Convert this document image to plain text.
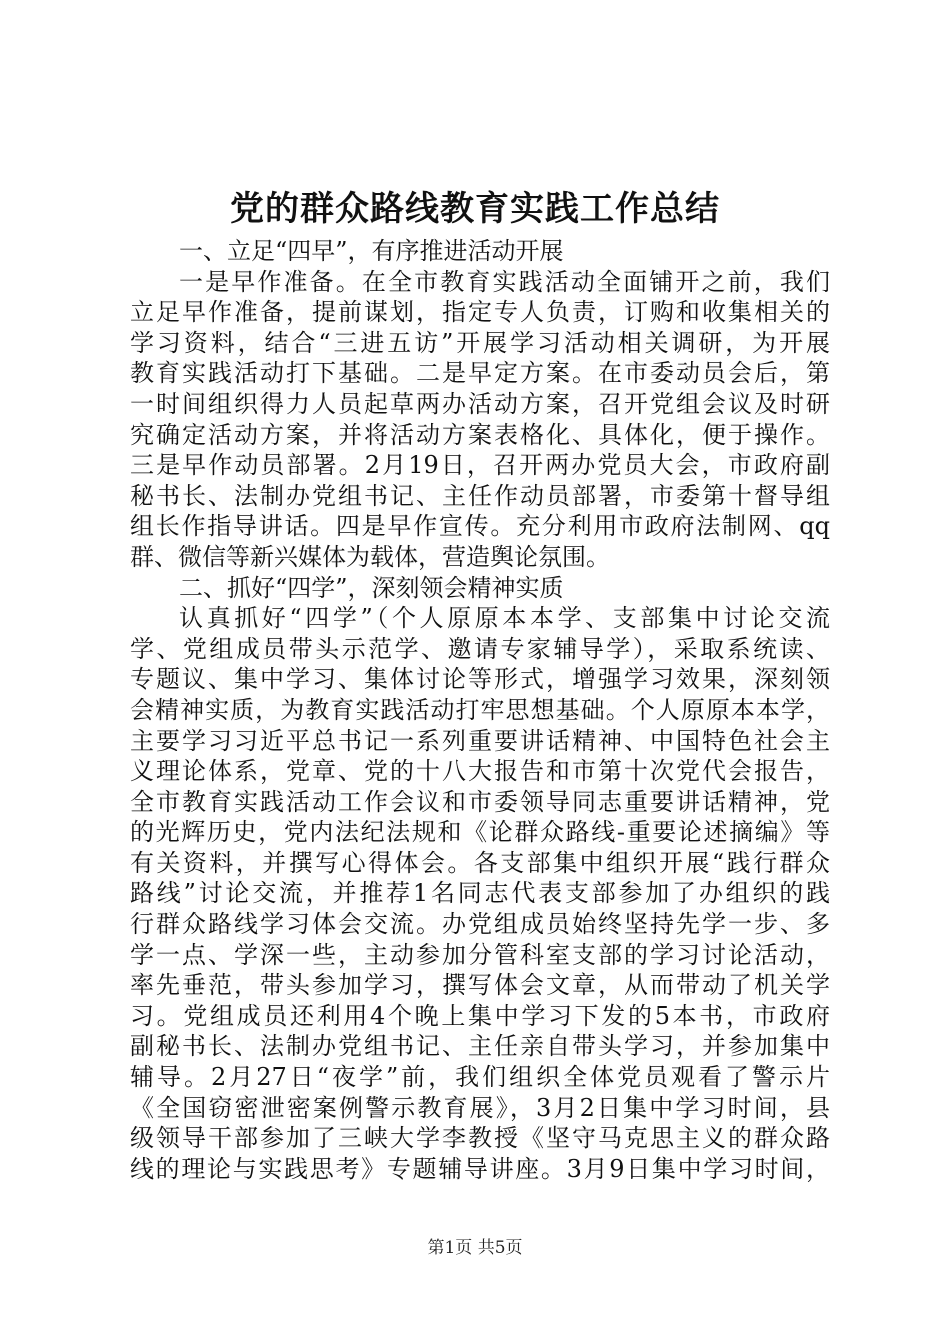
党的群众路线教育实践工作总结
一、立足“四早”，有序推进活动开展
一是早作准备。在全市教育实践活动全面铺开之前，我们
立足早作准备，提前谋划，指定专人负责，订购和收集相关的
学习资料，结合“三进五访”开展学习活动相关调研，为开展
教育实践活动打下基础。二是早定方案。在市委动员会后，第
一时间组织得力人员起草两办活动方案，召开党组会议及时研
究确定活动方案，并将活动方案表格化、具体化，便于操作。
三是早作动员部署。2月19日，召开两办党员大会，市政府副
秘书长、法制办党组书记、主任作动员部署，市委第十督导组
组长作指导讲话。四是早作宣传。充分利用市政府法制网、qq
群、微信等新兴媒体为载体，营造舆论氛围。
二、抓好“四学”，深刻领会精神实质
认真抓好“四学”（个人原原本本学、支部集中讨论交流
学、党组成员带头示范学、邀请专家辅导学），采取系统读、
专题议、集中学习、集体讨论等形式，增强学习效果，深刻领
会精神实质，为教育实践活动打牢思想基础。个人原原本本学，
主要学习习近平总书记一系列重要讲话精神、中国特色社会主
义理论体系，党章、党的十八大报告和市第十次党代会报告，
全市教育实践活动工作会议和市委领导同志重要讲话精神，党
的光辉历史，党内法纪法规和《论群众路线-重要论述摘编》等
有关资料，并撰写心得体会。各支部集中组织开展“践行群众
路线”讨论交流，并推荐1名同志代表支部参加了办组织的践
行群众路线学习体会交流。办党组成员始终坚持先学一步、多
学一点、学深一些，主动参加分管科室支部的学习讨论活动，
率先垂范，带头参加学习，撰写体会文章，从而带动了机关学
习。党组成员还利用4个晚上集中学习下发的5本书，市政府
副秘书长、法制办党组书记、主任亲自带头学习，并参加集中
辅导。2月27日“夜学”前，我们组织全体党员观看了警示片
《全国窃密泄密案例警示教育展》，3月2日集中学习时间，县
级领导干部参加了三峡大学李教授《坚守马克思主义的群众路
线的理论与实践思考》专题辅导讲座。3月9日集中学习时间，
第1页 共5页
